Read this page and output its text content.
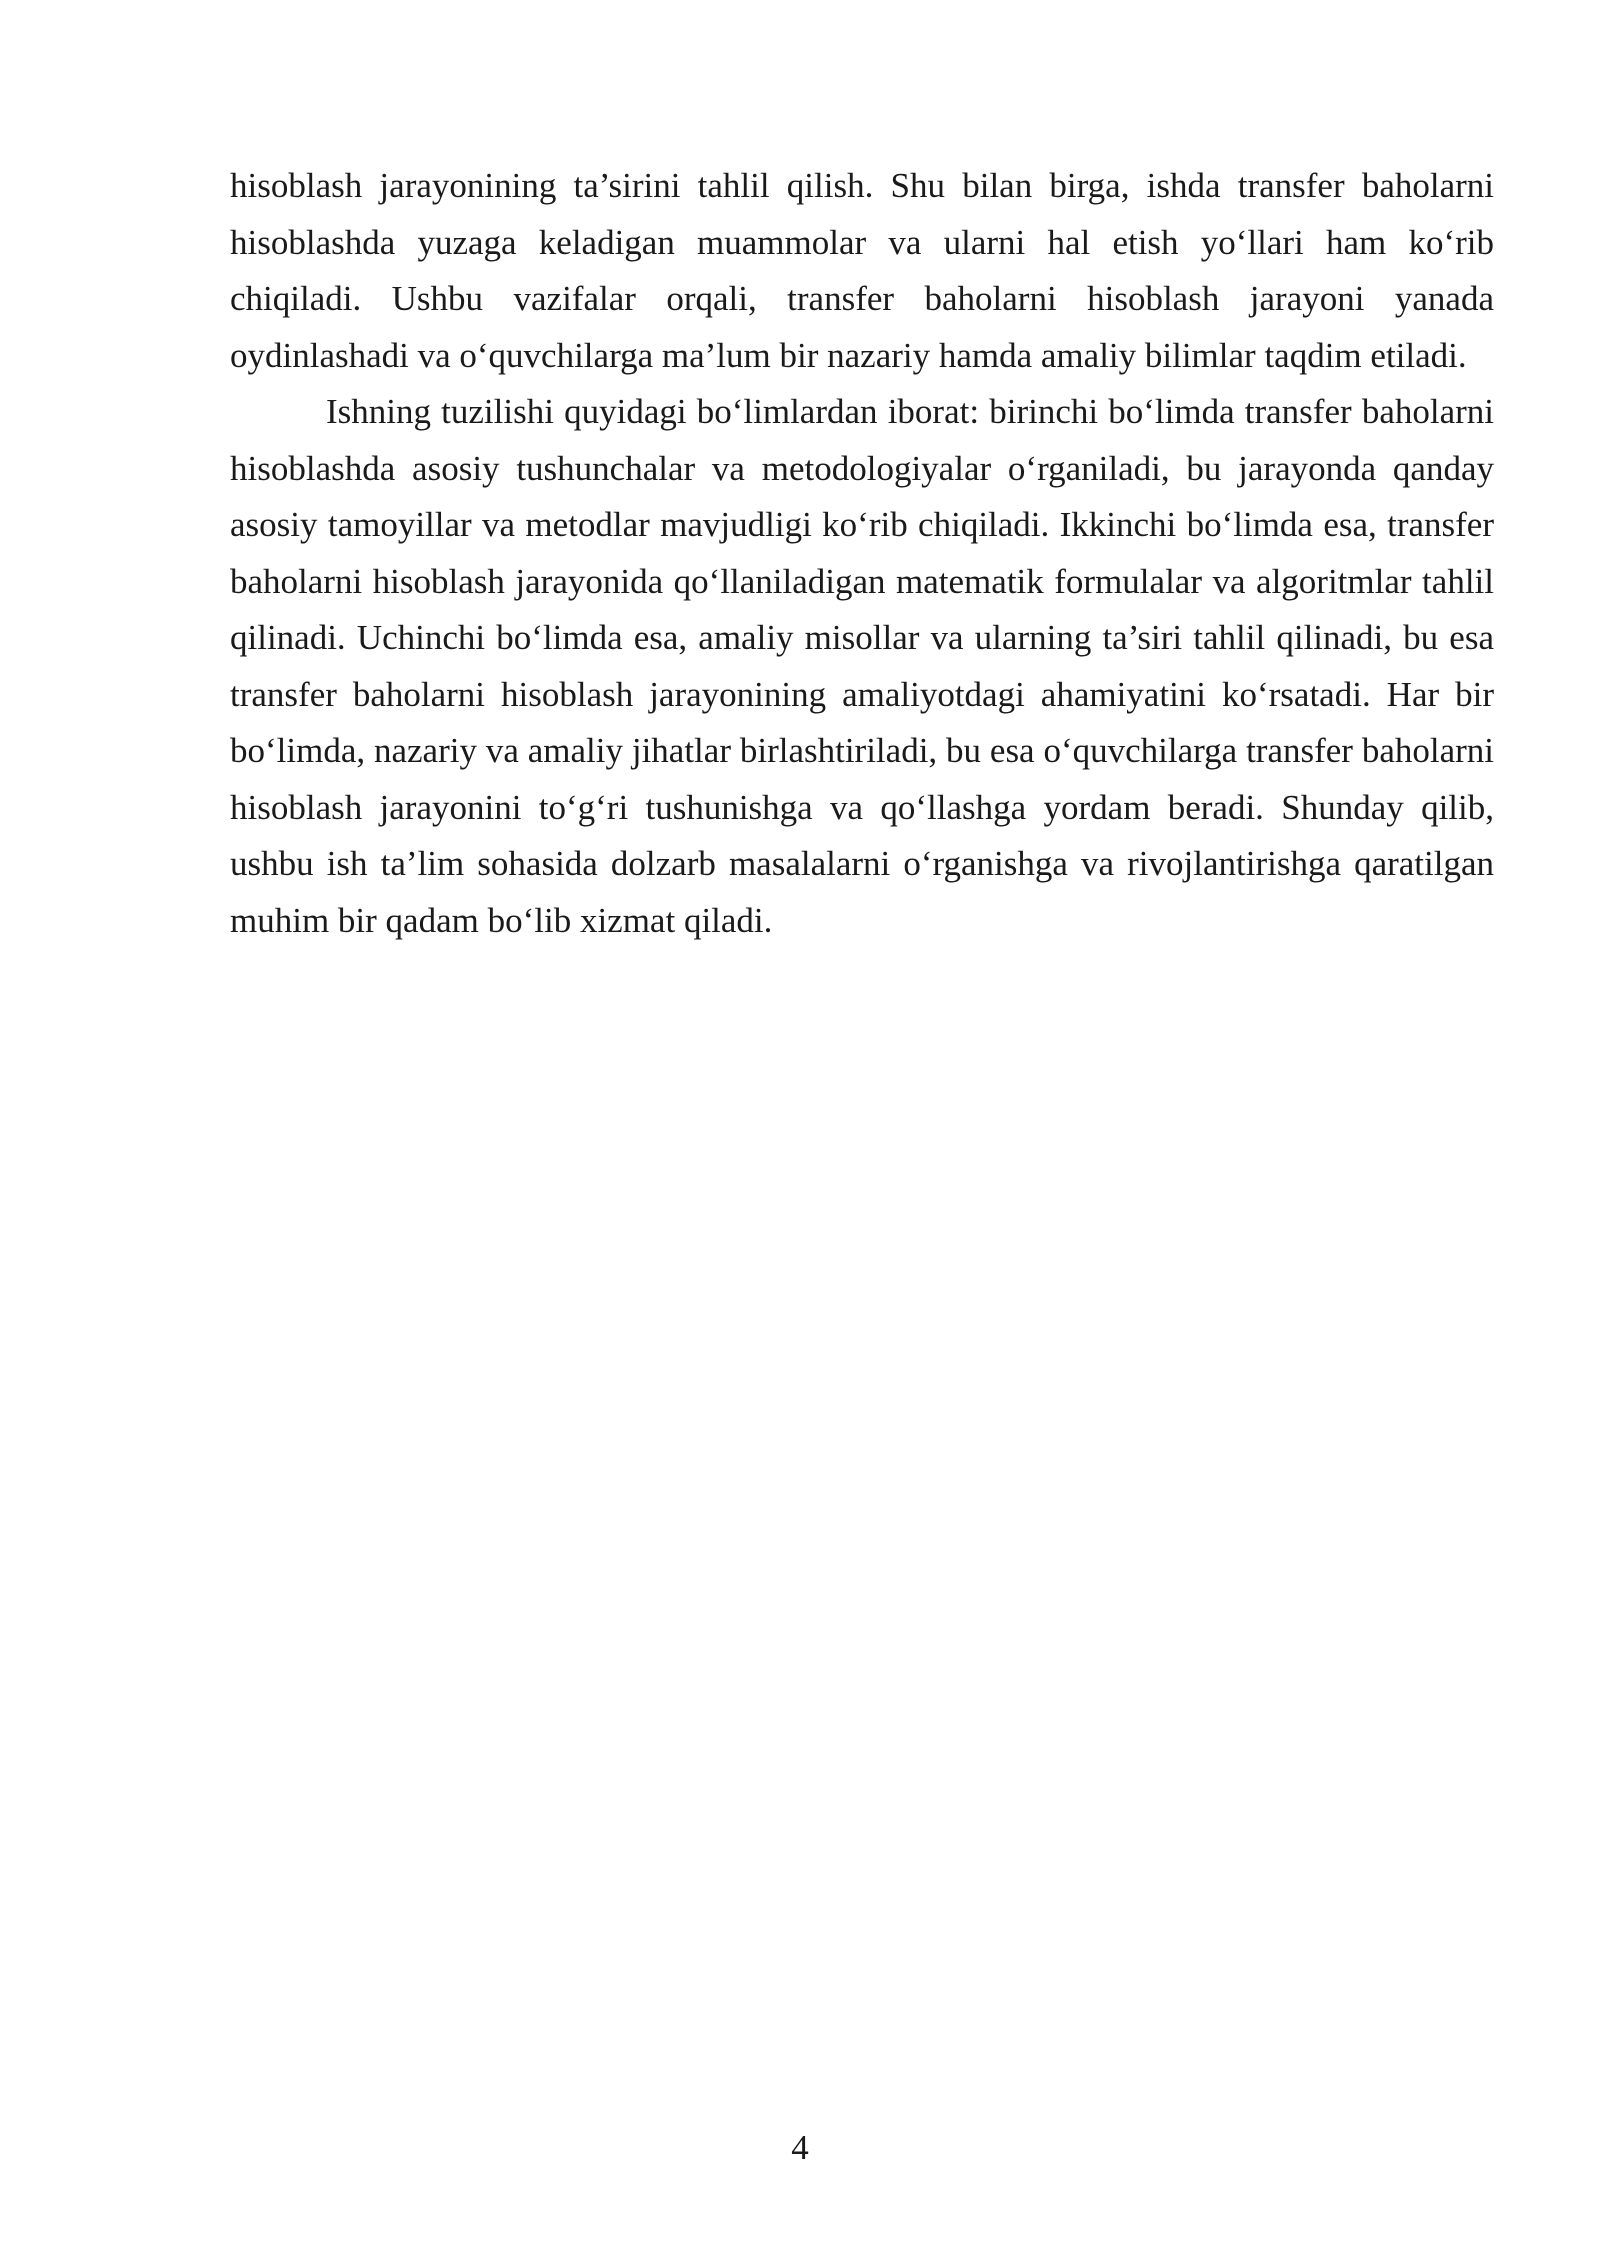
hisoblash jarayonining ta’sirini tahlil qilish. Shu bilan birga, ishda transfer baholarni hisoblashda yuzaga keladigan muammolar va ularni hal etish yo‘llari ham ko‘rib chiqiladi. Ushbu vazifalar orqali, transfer baholarni hisoblash jarayoni yanada oydinlashadi va o‘quvchilarga ma’lum bir nazariy hamda amaliy bilimlar taqdim etiladi.

Ishning tuzilishi quyidagi bo‘limlardan iborat: birinchi bo‘limda transfer baholarni hisoblashda asosiy tushunchalar va metodologiyalar o‘rganiladi, bu jarayonda qanday asosiy tamoyillar va metodlar mavjudligi ko‘rib chiqiladi. Ikkinchi bo‘limda esa, transfer baholarni hisoblash jarayonida qo‘llaniladigan matematik formulalar va algoritmlar tahlil qilinadi. Uchinchi bo‘limda esa, amaliy misollar va ularning ta’siri tahlil qilinadi, bu esa transfer baholarni hisoblash jarayonining amaliyotdagi ahamiyatini ko‘rsatadi. Har bir bo‘limda, nazariy va amaliy jihatlar birlashtiriladi, bu esa o‘quvchilarga transfer baholarni hisoblash jarayonini to‘g‘ri tushunishga va qo‘llashga yordam beradi. Shunday qilib, ushbu ish ta’lim sohasida dolzarb masalalarni o‘rganishga va rivojlantirishga qaratilgan muhim bir qadam bo‘lib xizmat qiladi.

4
